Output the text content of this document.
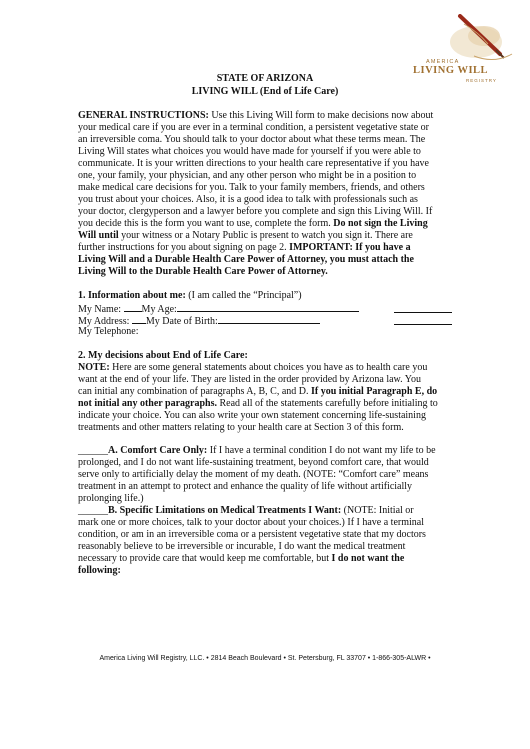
AMERICA
LIVING WILL
REGISTRY
STATE OF ARIZONA
LIVING WILL (End of Life Care)
GENERAL INSTRUCTIONS: Use this Living Will form to make decisions now about
your medical care if you are ever in a terminal condition, a persistent vegetative state or
an irreversible coma. You should talk to your doctor about what these terms mean. The
Living Will states what choices you would have made for yourself if you were able to
communicate. It is your written directions to your health care representative if you have
one, your family, your physician, and any other person who might be in a position to
make medical care decisions for you. Talk to your family members, friends, and others
you trust about your choices. Also, it is a good idea to talk with professionals such as
your doctor, clergyperson and a lawyer before you complete and sign this Living Will. If
you decide this is the form you want to use, complete the form. Do not sign the Living
Will until your witness or a Notary Public is present to watch you sign it. There are
further instructions for you about signing on page 2. IMPORTANT: If you have a
Living Will and a Durable Health Care Power of Attorney, you must attach the
Living Will to the Durable Health Care Power of Attorney.
1. Information about me: (I am called the “Principal”)
My Name: My Age:
My Address: My Date of Birth:
My Telephone:
2. My decisions about End of Life Care:
NOTE: Here are some general statements about choices you have as to health care you
want at the end of your life. They are listed in the order provided by Arizona law. You
can initial any combination of paragraphs A, B, C, and D. If you initial Paragraph E, do
not initial any other paragraphs. Read all of the statements carefully before initialing to
indicate your choice. You can also write your own statement concerning life-sustaining
treatments and other matters relating to your health care at Section 3 of this form.
______A. Comfort Care Only: If I have a terminal condition I do not want my life to be
prolonged, and I do not want life-sustaining treatment, beyond comfort care, that would
serve only to artificially delay the moment of my death. (NOTE: “Comfort care” means
treatment in an attempt to protect and enhance the quality of life without artificially
prolonging life.)
______B. Specific Limitations on Medical Treatments I Want: (NOTE: Initial or
mark one or more choices, talk to your doctor about your choices.) If I have a terminal
condition, or am in an irreversible coma or a persistent vegetative state that my doctors
reasonably believe to be irreversible or incurable, I do want the medical treatment
necessary to provide care that would keep me comfortable, but I do not want the
following:
America Living Will Registry, LLC. • 2814 Beach Boulevard • St. Petersburg, FL 33707 • 1-866-305-ALWR •
